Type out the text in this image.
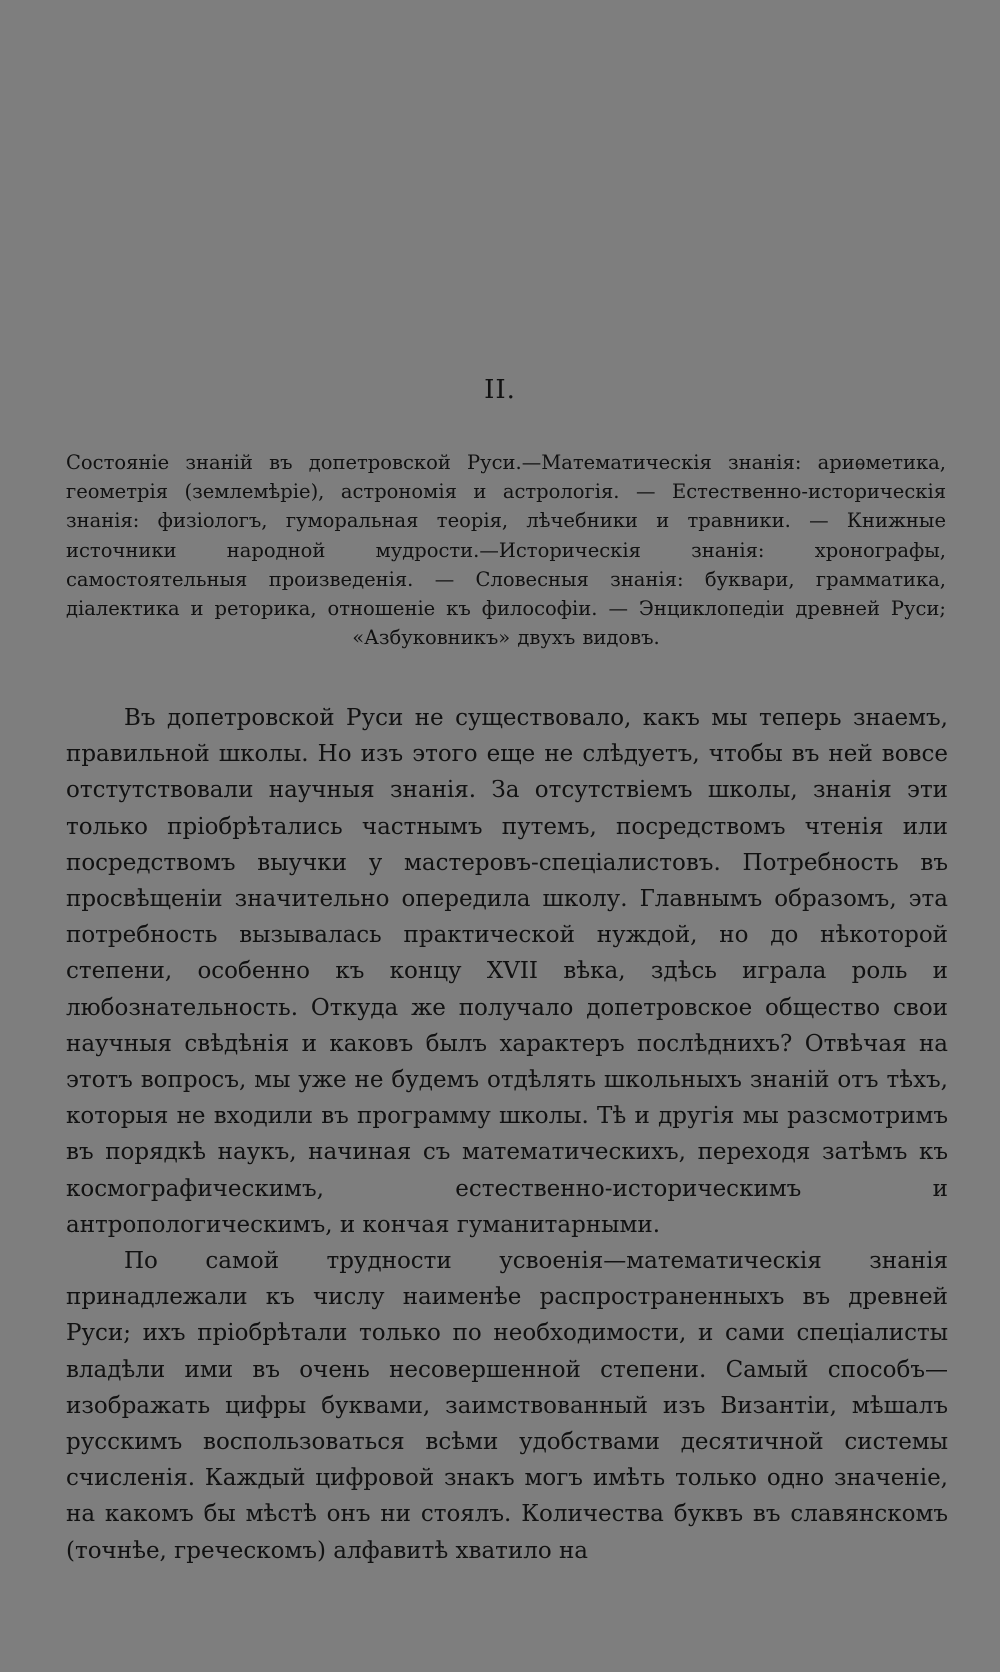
II.
Состоянiе знанiй въ допетровской Руси.—Математическiя знанiя: ариѳметика, геометрiя (землемѣрiе), астрономiя и астрологiя. — Естественно-историческiя знанiя: физiологъ, гуморальная теорiя, лѣчебники и травники. — Книжные источники народной мудрости.—Историческiя знанiя: хронографы, самостоятельныя произведенiя. — Словесныя знанiя: буквари, грамматика, дiалектика и реторика, отношенiе къ философiи. — Энциклопедiи древней Руси; «Азбуковникъ» двухъ видовъ.

Въ допетровской Руси не существовало, какъ мы теперь знаемъ, правильной школы. Но изъ этого еще не слѣдуетъ, чтобы въ ней вовсе отстутствовали научныя знанiя. За отсутствiемъ школы, знанiя эти только прiобрѣтались частнымъ путемъ, посредствомъ чтенiя или посредствомъ выучки у мастеровъ-спецiалистовъ. Потребность въ просвѣщенiи значительно опередила школу. Главнымъ образомъ, эта потребность вызывалась практической нуждой, но до нѣкоторой степени, особенно къ концу XVII вѣка, здѣсь играла роль и любознательность. Откуда же получало допетровское общество свои научныя свѣдѣнiя и каковъ былъ характеръ послѣднихъ? Отвѣчая на этотъ вопросъ, мы уже не будемъ отдѣлять школьныхъ знанiй отъ тѣхъ, которыя не входили въ программу школы. Тѣ и другiя мы разсмотримъ въ порядкѣ наукъ, начиная съ математическихъ, переходя затѣмъ къ космографическимъ, естественно-историческимъ и антропологическимъ, и кончая гуманитарными.

По самой трудности усвоенiя—математическiя знанiя принадлежали къ числу наименѣе распространенныхъ въ древней Руси; ихъ прiобрѣтали только по необходимости, и сами спецiалисты владѣли ими въ очень несовершенной степени. Самый способъ— изображать цифры буквами, заимствованный изъ Византiи, мѣшалъ русскимъ воспользоваться всѣми удобствами десятичной системы счисленiя. Каждый цифровой знакъ могъ имѣть только одно значенiе, на какомъ бы мѣстѣ онъ ни стоялъ. Количества буквъ въ славянскомъ (точнѣе, греческомъ) алфавитѣ хватило на
